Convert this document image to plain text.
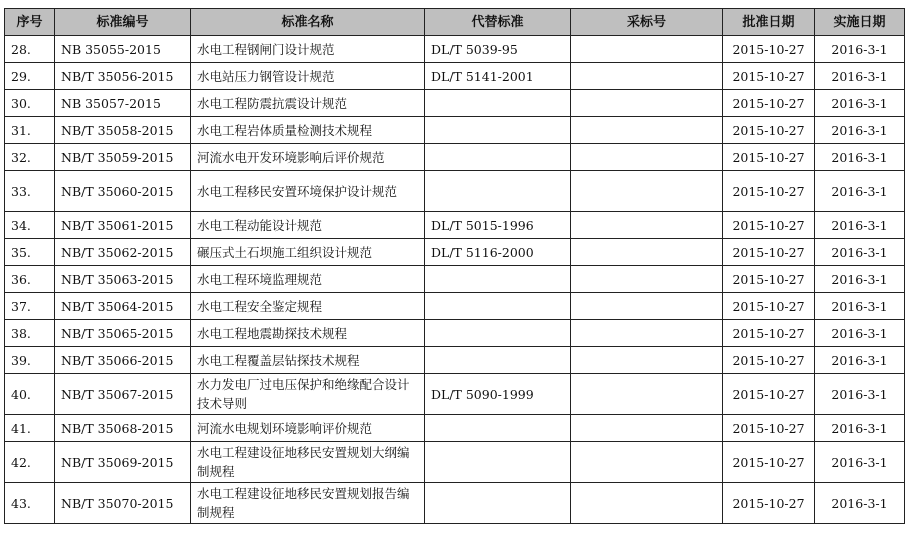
序号	标准编号	标准名称	代替标准	采标号	批准日期	实施日期
28.	NB 35055-2015	水电工程钢闸门设计规范	DL/T 5039-95		2015-10-27	2016-3-1
29.	NB/T 35056-2015	水电站压力钢管设计规范	DL/T 5141-2001		2015-10-27	2016-3-1
30.	NB 35057-2015	水电工程防震抗震设计规范			2015-10-27	2016-3-1
31.	NB/T 35058-2015	水电工程岩体质量检测技术规程			2015-10-27	2016-3-1
32.	NB/T 35059-2015	河流水电开发环境影响后评价规范			2015-10-27	2016-3-1
33.	NB/T 35060-2015	水电工程移民安置环境保护设计规范			2015-10-27	2016-3-1
34.	NB/T 35061-2015	水电工程动能设计规范	DL/T 5015-1996		2015-10-27	2016-3-1
35.	NB/T 35062-2015	碾压式土石坝施工组织设计规范	DL/T 5116-2000		2015-10-27	2016-3-1
36.	NB/T 35063-2015	水电工程环境监理规范			2015-10-27	2016-3-1
37.	NB/T 35064-2015	水电工程安全鉴定规程			2015-10-27	2016-3-1
38.	NB/T 35065-2015	水电工程地震勘探技术规程			2015-10-27	2016-3-1
39.	NB/T 35066-2015	水电工程覆盖层钻探技术规程			2015-10-27	2016-3-1
40.	NB/T 35067-2015	水力发电厂过电压保护和绝缘配合设计技术导则	DL/T 5090-1999		2015-10-27	2016-3-1
41.	NB/T 35068-2015	河流水电规划环境影响评价规范			2015-10-27	2016-3-1
42.	NB/T 35069-2015	水电工程建设征地移民安置规划大纲编制规程			2015-10-27	2016-3-1
43.	NB/T 35070-2015	水电工程建设征地移民安置规划报告编制规程			2015-10-27	2016-3-1
